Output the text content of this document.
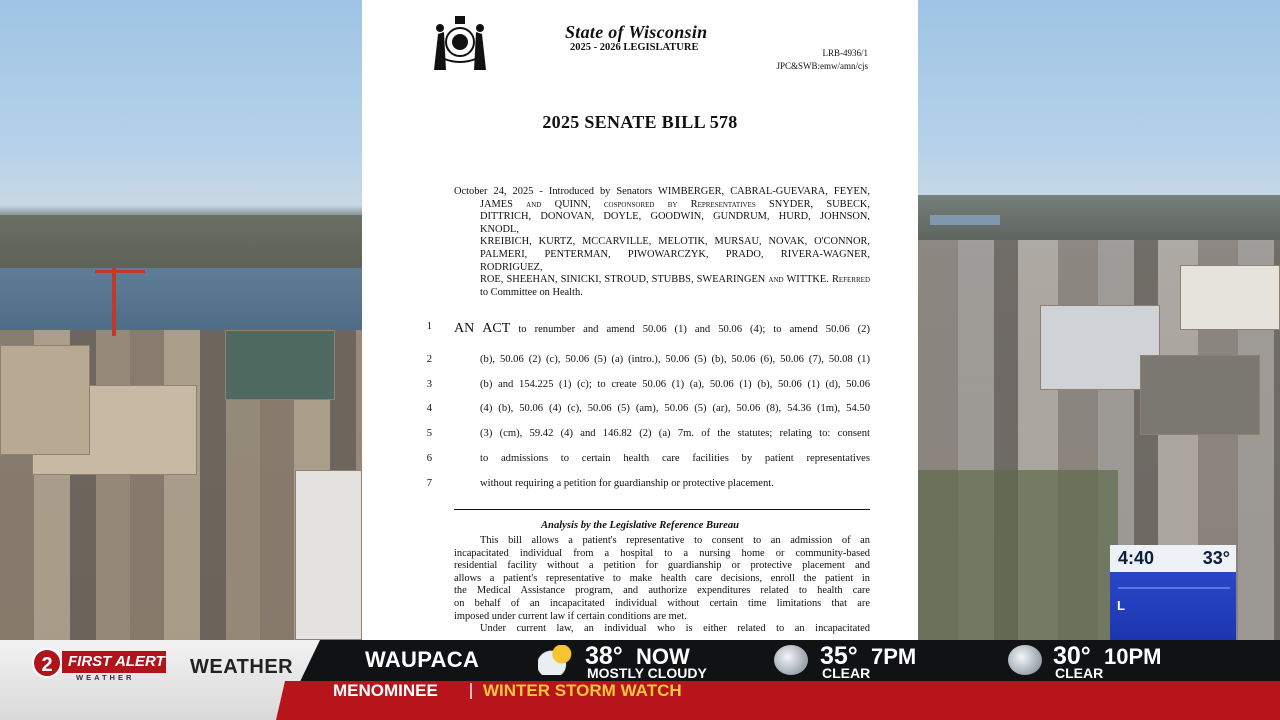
State of Wisconsin
2025 - 2026 LEGISLATURE	LRB-4936/1
JPC&SWB:emw/amn/cjs
2025 SENATE BILL 578
October 24, 2025 - Introduced by Senators WIMBERGER, CABRAL-GUEVARA, FEYEN,
JAMES and QUINN, cosponsored by Representatives SNYDER, SUBECK,
DITTRICH, DONOVAN, DOYLE, GOODWIN, GUNDRUM, HURD, JOHNSON, KNODL,
KREIBICH, KURTZ, MCCARVILLE, MELOTIK, MURSAU, NOVAK, O'CONNOR,
PALMERI, PENTERMAN, PIWOWARCZYK, PRADO, RIVERA-WAGNER, RODRIGUEZ,
ROE, SHEEHAN, SINICKI, STROUD, STUBBS, SWEARINGEN and WITTKE. Referred
to Committee on Health.
1 AN ACT to renumber and amend 50.06 (1) and 50.06 (4); to amend 50.06 (2)
2	(b), 50.06 (2) (c), 50.06 (5) (a) (intro.), 50.06 (5) (b), 50.06 (6), 50.06 (7), 50.08 (1)
3	(b) and 154.225 (1) (c); to create 50.06 (1) (a), 50.06 (1) (b), 50.06 (1) (d), 50.06
4	(4) (b), 50.06 (4) (c), 50.06 (5) (am), 50.06 (5) (ar), 50.06 (8), 54.36 (1m), 54.50
5	(3) (cm), 59.42 (4) and 146.82 (2) (a) 7m. of the statutes; relating to: consent
6	to admissions to certain health care facilities by patient representatives
7	without requiring a petition for guardianship or protective placement.
Analysis by the Legislative Reference Bureau
This bill allows a patient's representative to consent to an admission of an
incapacitated individual from a hospital to a nursing home or community-based
residential facility without a petition for guardianship or protective placement and
allows a patient's representative to make health care decisions, enroll the patient in
the Medical Assistance program, and authorize expenditures related to health care
on behalf of an incapacitated individual without certain time limitations that are
imposed under current law if certain conditions are met.
Under current law, an individual who is either related to an incapacitated
4:40	33°
L
2	FIRST ALERT
WEATHER	WEATHER	WAUPACA	38° NOW
MOSTLY CLOUDY
35° 7PM
CLEAR
30° 10PM
CLEAR
MENOMINEE	WINTER STORM WATCH
